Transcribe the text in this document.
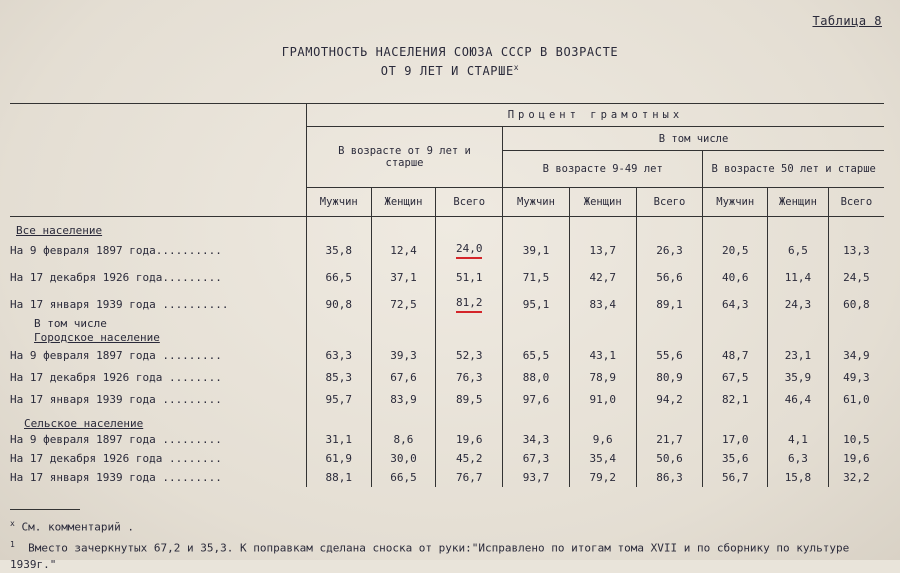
Таблица 8
ГРАМОТНОСТЬ НАСЕЛЕНИЯ СОЮЗА СССР В ВОЗРАСТЕ
ОТ 9 ЛЕТ И СТАРШЕ$^x$
	Процент грамотных								
	В возрасте от 9 лет и старше			В том числе					
				В возрасте 9-49 лет			В возрасте 50 лет и старше		
	Мужчин	Женщин	Всего	Мужчин	Женщин	Всего	Мужчин	Женщин	Всего
Все население									
На 9 февраля 1897 года..........	35,8	12,4	24,0	39,1	13,7	26,3	20,5	6,5	13,3
На 17 декабря 1926 года.........	66,5	37,1	51,1	71,5	42,7	56,6	40,6	11,4	24,5
На 17 января 1939 года ..........	90,8	72,5	81,2	95,1	83,4	89,1	64,3	24,3	60,8
В том числе									
Городское население									
На 9 февраля 1897 года .........	63,3	39,3	52,3	65,5	43,1	55,6	48,7	23,1	34,9
На 17 декабря 1926 года ........	85,3	67,6	76,3	88,0	78,9	80,9	67,5	35,9	49,3
На 17 января 1939 года .........	95,7	83,9	89,5	97,6	91,0	94,2	82,1	46,4	61,0
Сельское население									
На 9 февраля 1897 года .........	31,1	8,6	19,6	34,3	9,6	21,7	17,0	4,1	10,5
На 17 декабря 1926 года ........	61,9	30,0	45,2	67,3	35,4	50,6	35,6	6,3	19,6
На 17 января 1939 года .........	88,1	66,5	76,7	93,7	79,2	86,3	56,7	15,8	32,2
$^x$ См. комментарий .
$^1$ Вместо зачеркнутых 67,2 и 35,3. К поправкам сделана сноска от руки:"Исправлено по итогам тома XVII и по сборнику по культуре 1939г."
